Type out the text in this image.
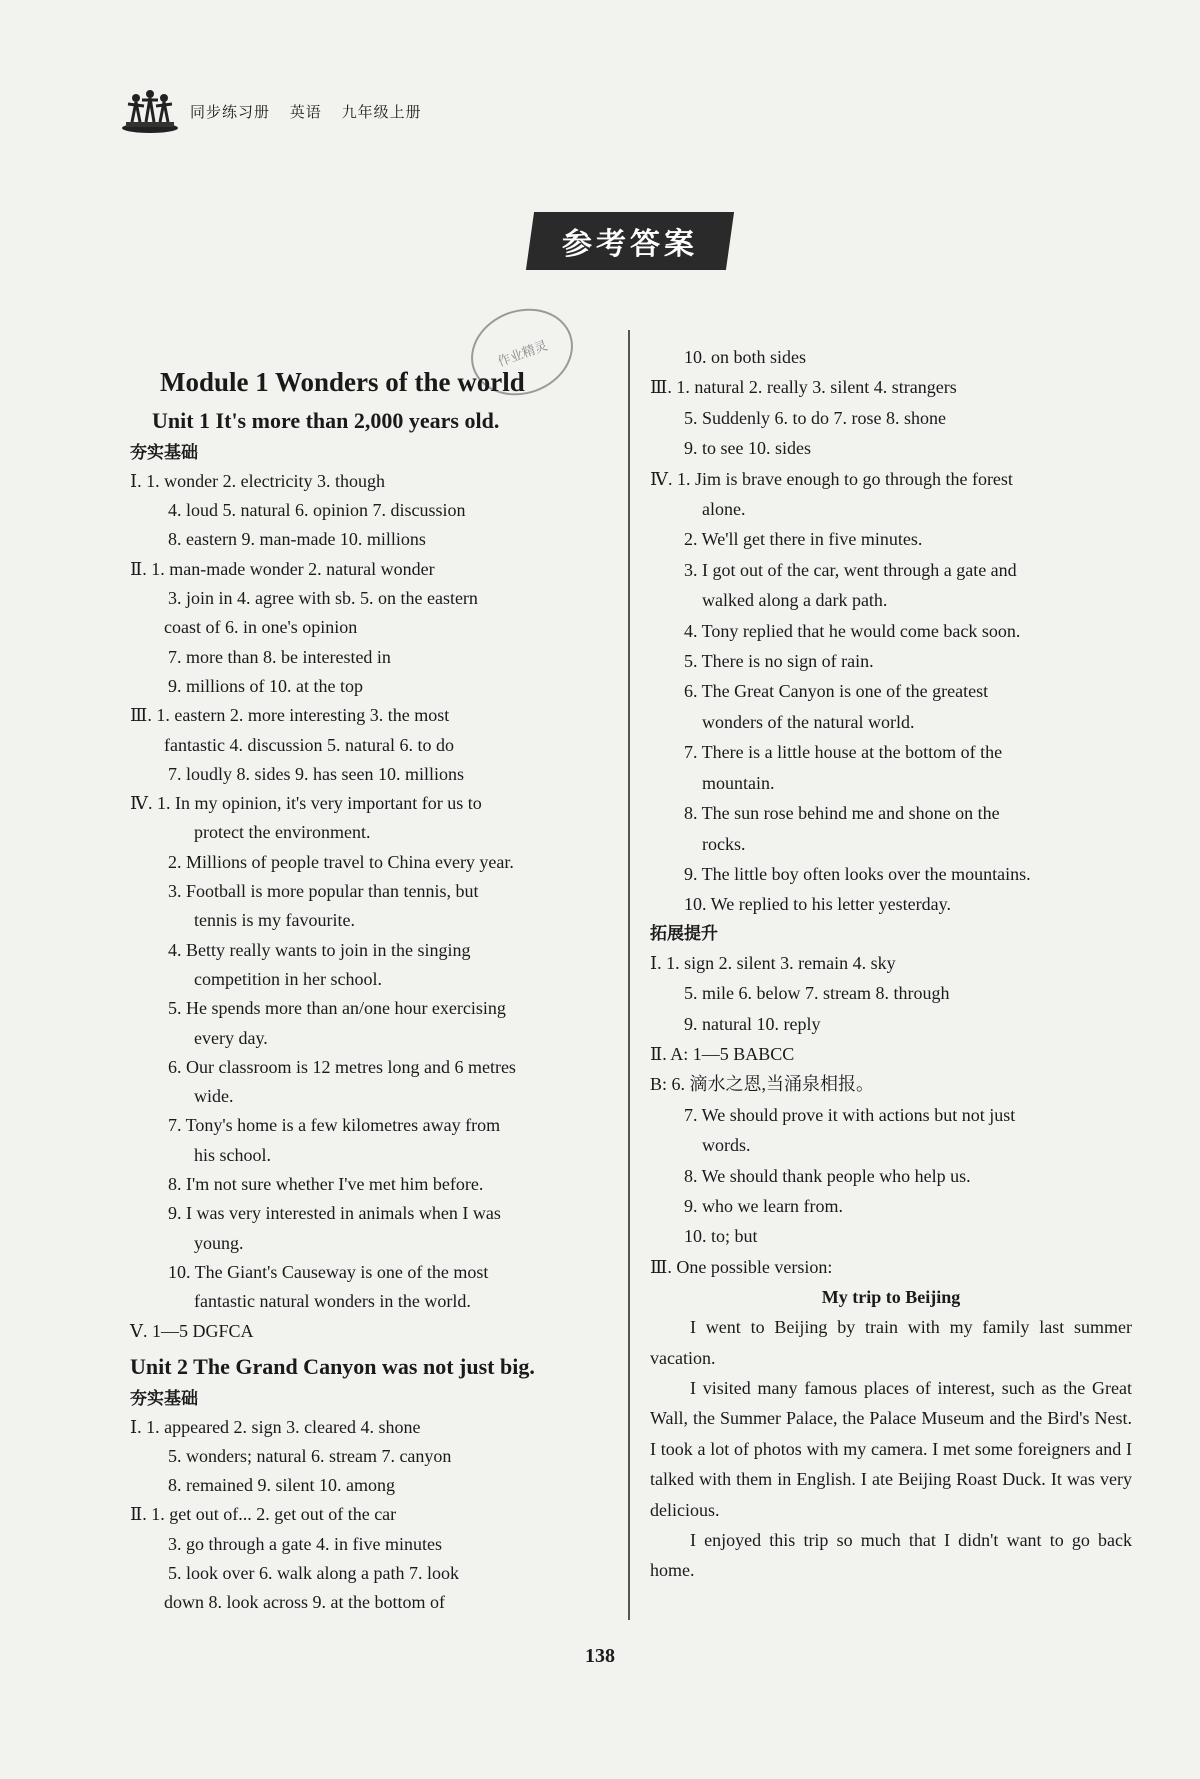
同步练习册 英语 九年级上册
参考答案
作业精灵
Module 1 Wonders of the world
Unit 1 It's more than 2,000 years old.
夯实基础
Ⅰ. 1. wonder 2. electricity 3. though
4. loud 5. natural 6. opinion 7. discussion
8. eastern 9. man-made 10. millions
Ⅱ. 1. man-made wonder 2. natural wonder
3. join in 4. agree with sb. 5. on the eastern
coast of 6. in one's opinion
7. more than 8. be interested in
9. millions of 10. at the top
Ⅲ. 1. eastern 2. more interesting 3. the most
fantastic 4. discussion 5. natural 6. to do
7. loudly 8. sides 9. has seen 10. millions
Ⅳ. 1. In my opinion, it's very important for us to
protect the environment.
2. Millions of people travel to China every year.
3. Football is more popular than tennis, but
tennis is my favourite.
4. Betty really wants to join in the singing
competition in her school.
5. He spends more than an/one hour exercising
every day.
6. Our classroom is 12 metres long and 6 metres
wide.
7. Tony's home is a few kilometres away from
his school.
8. I'm not sure whether I've met him before.
9. I was very interested in animals when I was
young.
10. The Giant's Causeway is one of the most
fantastic natural wonders in the world.
Ⅴ. 1—5 DGFCA
Unit 2 The Grand Canyon was not just big.
夯实基础
Ⅰ. 1. appeared 2. sign 3. cleared 4. shone
5. wonders; natural 6. stream 7. canyon
8. remained 9. silent 10. among
Ⅱ. 1. get out of... 2. get out of the car
3. go through a gate 4. in five minutes
5. look over 6. walk along a path 7. look
down 8. look across 9. at the bottom of
10. on both sides
Ⅲ. 1. natural 2. really 3. silent 4. strangers
5. Suddenly 6. to do 7. rose 8. shone
9. to see 10. sides
Ⅳ. 1. Jim is brave enough to go through the forest
alone.
2. We'll get there in five minutes.
3. I got out of the car, went through a gate and
walked along a dark path.
4. Tony replied that he would come back soon.
5. There is no sign of rain.
6. The Great Canyon is one of the greatest
wonders of the natural world.
7. There is a little house at the bottom of the
mountain.
8. The sun rose behind me and shone on the
rocks.
9. The little boy often looks over the mountains.
10. We replied to his letter yesterday.
拓展提升
Ⅰ. 1. sign 2. silent 3. remain 4. sky
5. mile 6. below 7. stream 8. through
9. natural 10. reply
Ⅱ. A: 1—5 BABCC
B: 6. 滴水之恩,当涌泉相报。
7. We should prove it with actions but not just
words.
8. We should thank people who help us.
9. who we learn from.
10. to; but
Ⅲ. One possible version:
My trip to Beijing
I went to Beijing by train with my family last summer vacation.
I visited many famous places of interest, such as the Great Wall, the Summer Palace, the Palace Museum and the Bird's Nest. I took a lot of photos with my camera. I met some foreigners and I talked with them in English. I ate Beijing Roast Duck. It was very delicious.
I enjoyed this trip so much that I didn't want to go back home.
138
